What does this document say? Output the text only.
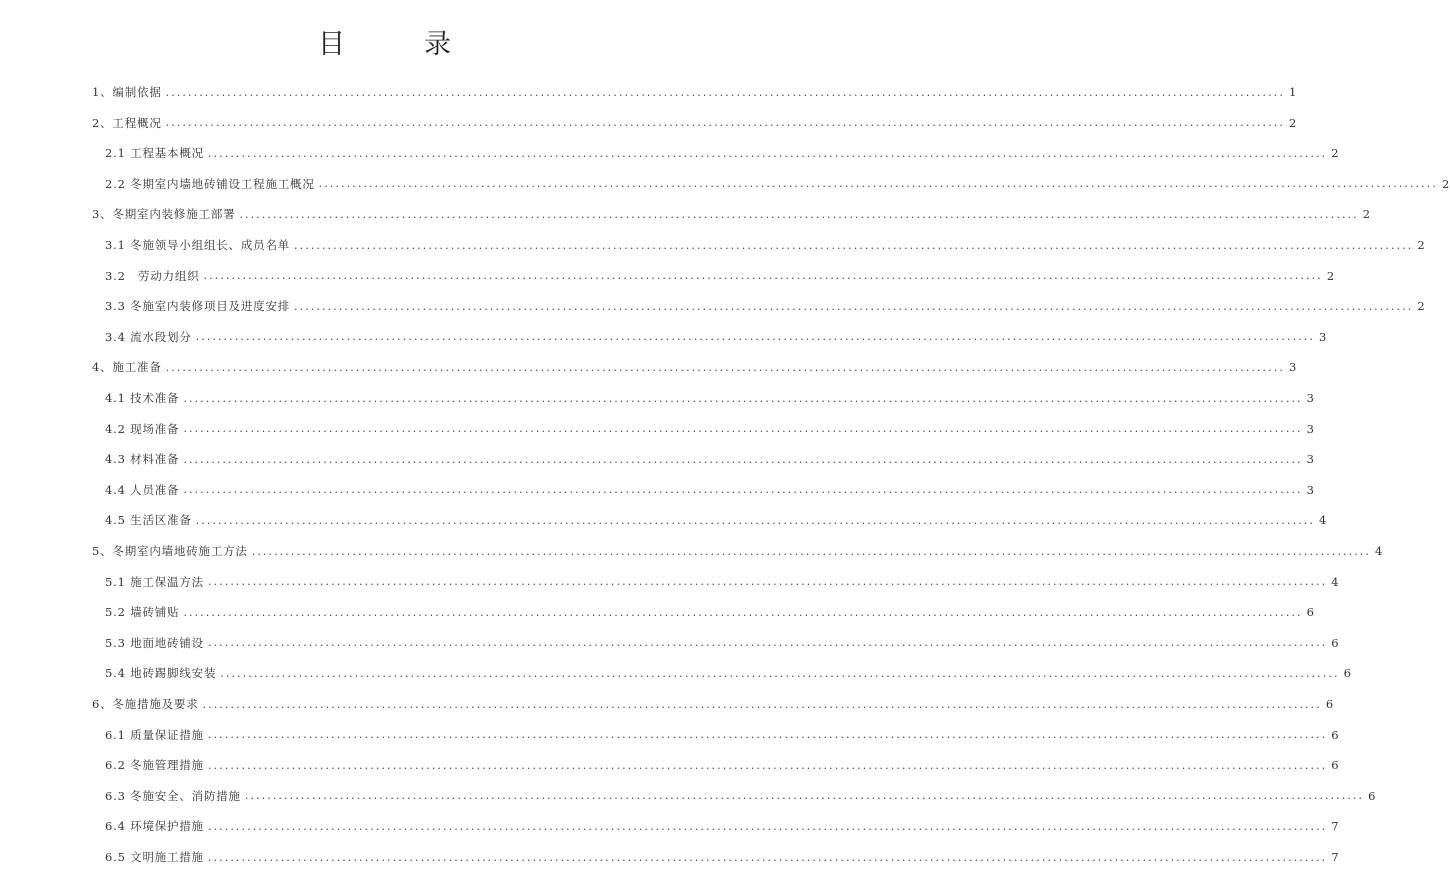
目　录
1、编制依据 ........................................................................................................................................................................................................ 1
2、工程概况 ........................................................................................................................................................................................................ 2
2.1 工程基本概况 ........................................................................................................................................................................................................ 2
2.2 冬期室内墙地砖铺设工程施工概况 ........................................................................................................................................................................................................ 2
3、冬期室内装修施工部署 ........................................................................................................................................................................................................ 2
3.1 冬施领导小组组长、成员名单 ........................................................................................................................................................................................................ 2
3.2　劳动力组织 ........................................................................................................................................................................................................ 2
3.3 冬施室内装修项目及进度安排 ........................................................................................................................................................................................................ 2
3.4 流水段划分 ........................................................................................................................................................................................................ 3
4、施工准备 ........................................................................................................................................................................................................ 3
4.1 技术准备 ........................................................................................................................................................................................................ 3
4.2 现场准备 ........................................................................................................................................................................................................ 3
4.3 材料准备 ........................................................................................................................................................................................................ 3
4.4 人员准备 ........................................................................................................................................................................................................ 3
4.5 生活区准备 ........................................................................................................................................................................................................ 4
5、冬期室内墙地砖施工方法 ........................................................................................................................................................................................................ 4
5.1 施工保温方法 ........................................................................................................................................................................................................ 4
5.2 墙砖铺贴 ........................................................................................................................................................................................................ 6
5.3 地面地砖铺设 ........................................................................................................................................................................................................ 6
5.4 地砖踢脚线安装 ........................................................................................................................................................................................................ 6
6、冬施措施及要求 ........................................................................................................................................................................................................ 6
6.1 质量保证措施 ........................................................................................................................................................................................................ 6
6.2 冬施管理措施 ........................................................................................................................................................................................................ 6
6.3 冬施安全、消防措施 ........................................................................................................................................................................................................ 6
6.4 环境保护措施 ........................................................................................................................................................................................................ 7
6.5 文明施工措施 ........................................................................................................................................................................................................ 7
